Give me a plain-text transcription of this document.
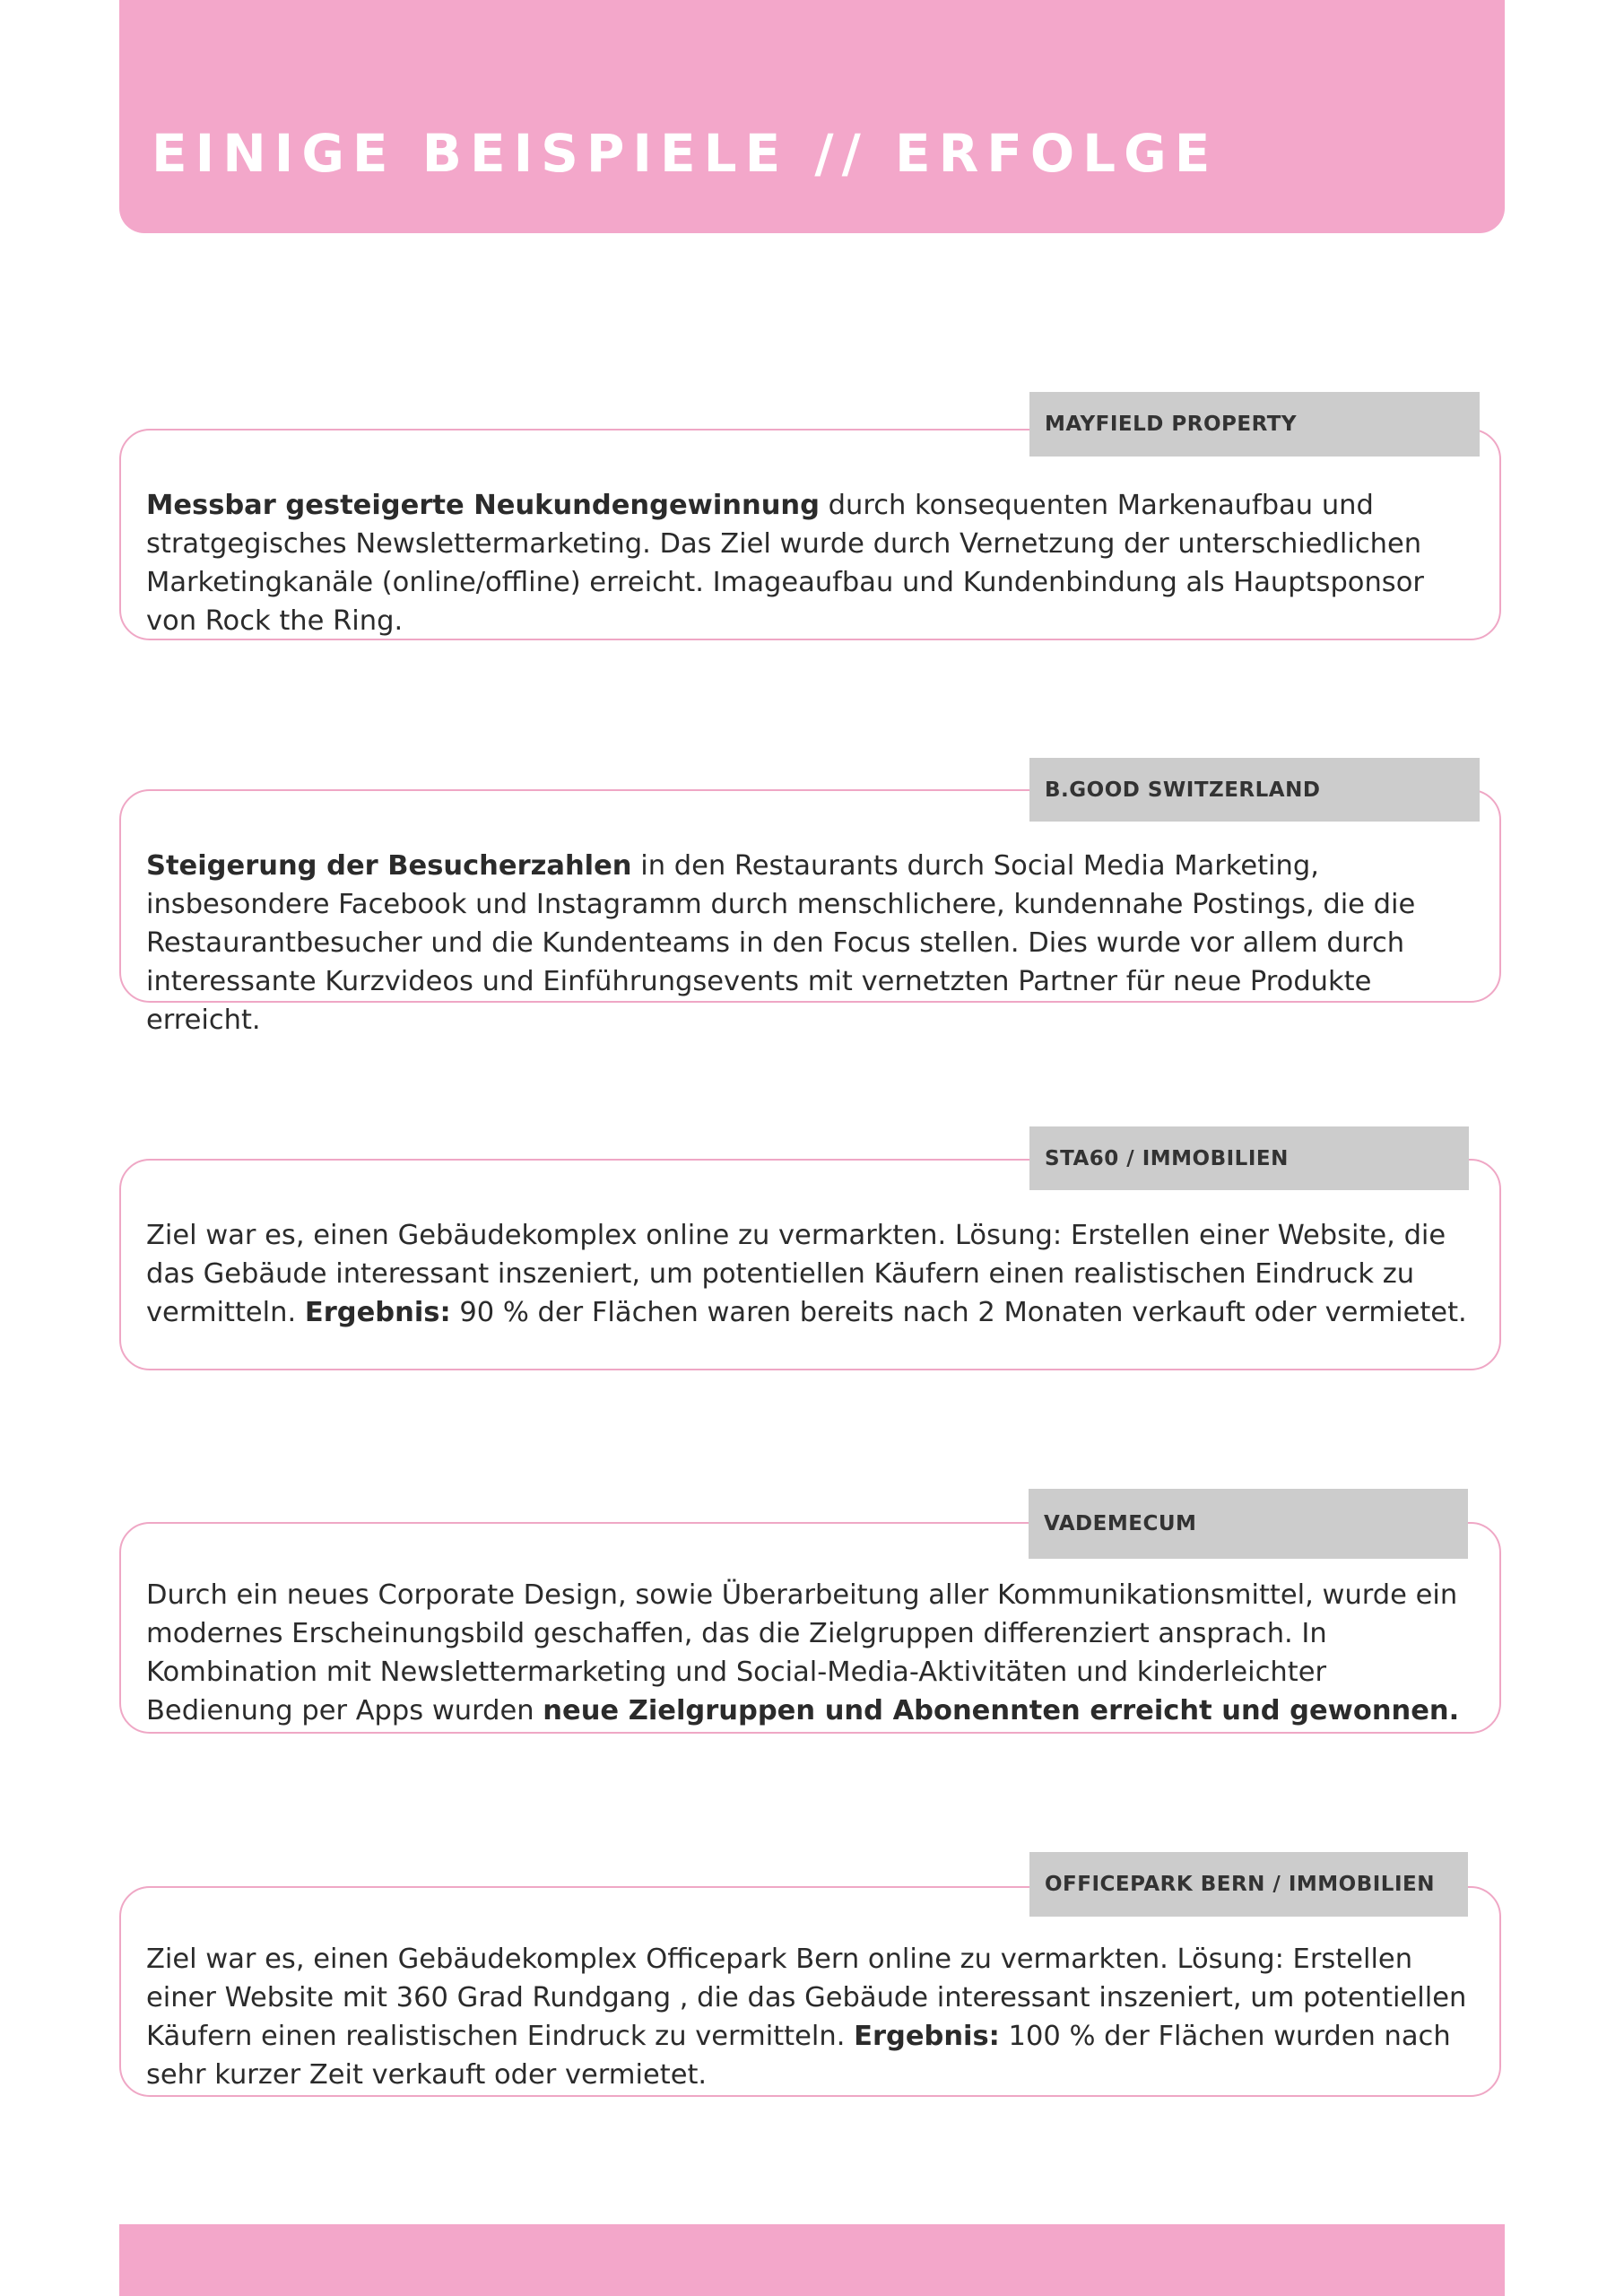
EINIGE BEISPIELE // ERFOLGE
Messbar gesteigerte Neukundengewinnung durch konsequenten Markenaufbau und stratgegisches Newslettermarketing. Das Ziel wurde durch Vernetzung der unterschiedlichen Marketingkanäle (online/offline) erreicht. Imageaufbau und Kundenbindung als Hauptsponsor von Rock the Ring.
MAYFIELD PROPERTY
Steigerung der Besucherzahlen in den Restaurants durch Social Media Marketing, insbesondere Facebook und Instagramm durch menschlichere, kundennahe Postings, die die Restaurantbesucher und die Kundenteams in den Focus stellen. Dies wurde vor allem durch interessante Kurzvideos und Einführungsevents mit vernetzten Partner für neue Produkte erreicht.
B.GOOD SWITZERLAND
Ziel war es, einen Gebäudekomplex online zu vermarkten. Lösung: Erstellen einer Website, die das Gebäude interessant inszeniert, um potentiellen Käufern einen realistischen Eindruck zu vermitteln. Ergebnis: 90 % der Flächen waren bereits nach 2 Monaten verkauft oder vermietet.
STA60 / IMMOBILIEN
Durch ein neues Corporate Design, sowie Überarbeitung aller Kommunikationsmittel, wurde ein modernes Erscheinungsbild geschaffen, das die Zielgruppen differenziert ansprach. In Kombination mit Newslettermarketing und Social-Media-Aktivitäten und kinderleichter Bedienung per Apps wurden neue Zielgruppen und Abonennten erreicht und gewonnen.
VADEMECUM
Ziel war es, einen Gebäudekomplex Officepark Bern online zu vermarkten. Lösung: Erstellen einer Website mit 360 Grad Rundgang , die das Gebäude interessant inszeniert, um potentiellen Käufern einen realistischen Eindruck zu vermitteln. Ergebnis: 100 % der Flächen wurden nach sehr kurzer Zeit verkauft oder vermietet.
OFFICEPARK BERN / IMMOBILIEN
